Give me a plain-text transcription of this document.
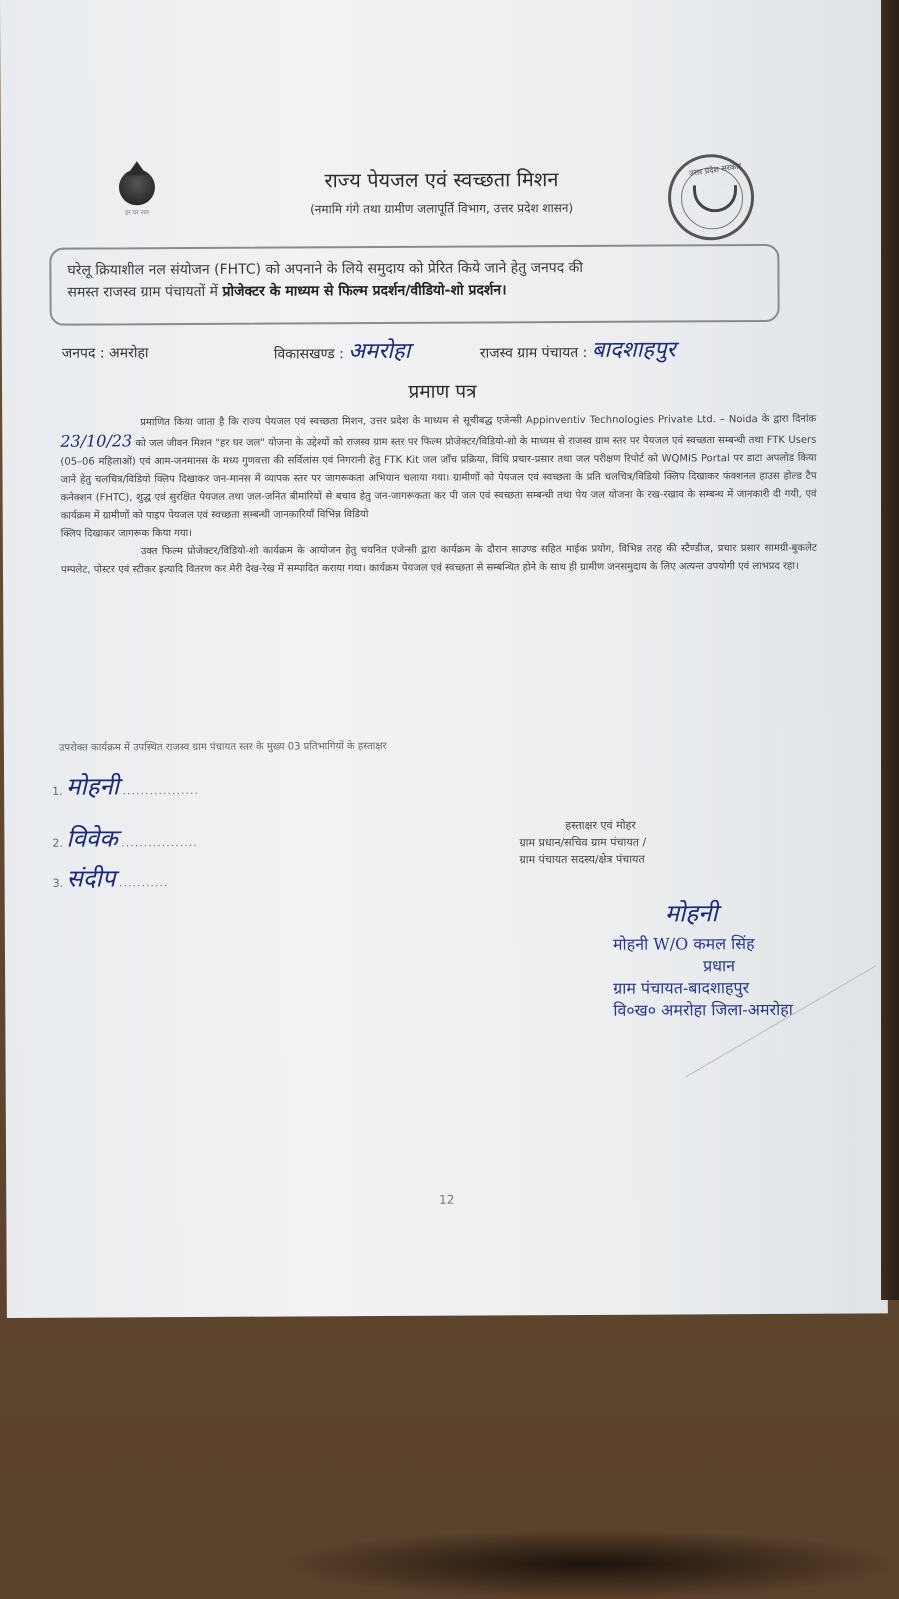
हर घर जल
उत्तर प्रदेश सरकार
राज्य पेयजल एवं स्वच्छता मिशन
(नमामि गंगे तथा ग्रामीण जलापूर्ति विभाग, उत्तर प्रदेश शासन)
घरेलू क्रियाशील नल संयोजन (FHTC) को अपनाने के लिये समुदाय को प्रेरित किये जाने हेतु जनपद की
समस्त राजस्व ग्राम पंचायतों में प्रोजेक्टर के माध्यम से फिल्म प्रदर्शन/वीडियो-शो प्रदर्शन।
जनपद : अमरोहा	विकासखण्ड : अमरोहा	राजस्व ग्राम पंचायत : बादशाहपुर
प्रमाण पत्र
प्रमाणित किया जाता है कि राज्य पेयजल एवं स्वच्छता मिशन, उत्तर प्रदेश के माध्यम से सूचीबद्ध एजेन्सी Appinventiv Technologies Private Ltd. – Noida के द्वारा दिनांक 23/10/23 को जल जीवन मिशन "हर घर जल" योजना के उद्देश्यों को राजस्व ग्राम स्तर पर फिल्म प्रोजेक्टर/विडियो-शो के माध्यम से राजस्व ग्राम स्तर पर पेयजल एवं स्वच्छता सम्बन्धी तथा FTK Users (05–06 महिलाओं) एवं आम-जनमानस के मध्य गुणवत्ता की सर्विलांस एवं निगरानी हेतु FTK Kit जल जाँच प्रक्रिया, विधि प्रचार-प्रसार तथा जल परीक्षण रिपोर्ट को WQMIS Portal पर डाटा अपलोड किया जाने हेतु चलचित्र/विडियो क्लिप दिखाकर जन-मानस में व्यापक स्तर पर जागरूकता अभियान चलाया गया। ग्रामीणों को पेयजल एवं स्वच्छता के प्रति चलचित्र/विडियो क्लिप दिखाकर फंक्शनल हाउस होल्ड टैप कनेक्शन (FHTC), शुद्ध एवं सुरक्षित पेयजल तथा जल-जनित बीमारियों से बचाव हेतु जन-जागरूकता कर पी जल एवं स्वच्छता सम्बन्धी तथा पेय जल योजना के रख-रखाव के सम्बन्ध में जानकारी दी गयी, एवं कार्यक्रम में ग्रामीणों को पाइप पेयजल एवं स्वच्छता सम्बन्धी जानकारियाँ विभिन्न विडियो
क्लिप दिखाकर जागरूक किया गया।
उक्त फिल्म प्रोजेक्टर/विडियो-शो कार्यक्रम के आयोजन हेतु चयनित एजेन्सी द्वारा कार्यक्रम के दौरान साउण्ड सहित माईक प्रयोग, विभिन्न तरह की स्टैण्डीज, प्रचार प्रसार सामग्री-बुकलेट पम्पलेट, पोस्टर एवं स्टीकर इत्यादि वितरण कर मेरी देख-रेख में सम्पादित कराया गया। कार्यक्रम पेयजल एवं स्वच्छता से सम्बन्धित होने के साथ ही ग्रामीण जनसमुदाय के लिए अत्यन्त उपयोगी एवं लाभप्रद रहा।
उपरोक्त कार्यक्रम में उपस्थित राजस्व ग्राम पंचायत स्तर के मुख्य 03 प्रतिभागियों के हस्ताक्षर
1. मोहनी .................
2. विवेक .................
3. संदीप ...........
हस्ताक्षर एवं मोहर
ग्राम प्रधान/सचिव ग्राम पंचायत /
ग्राम पंचायत सदस्य/क्षेत्र पंचायत
मोहनी
मोहनी W/O कमल सिंह
प्रधान
ग्राम पंचायत-बादशाहपुर
वि०ख० अमरोहा जिला-अमरोहा
12
